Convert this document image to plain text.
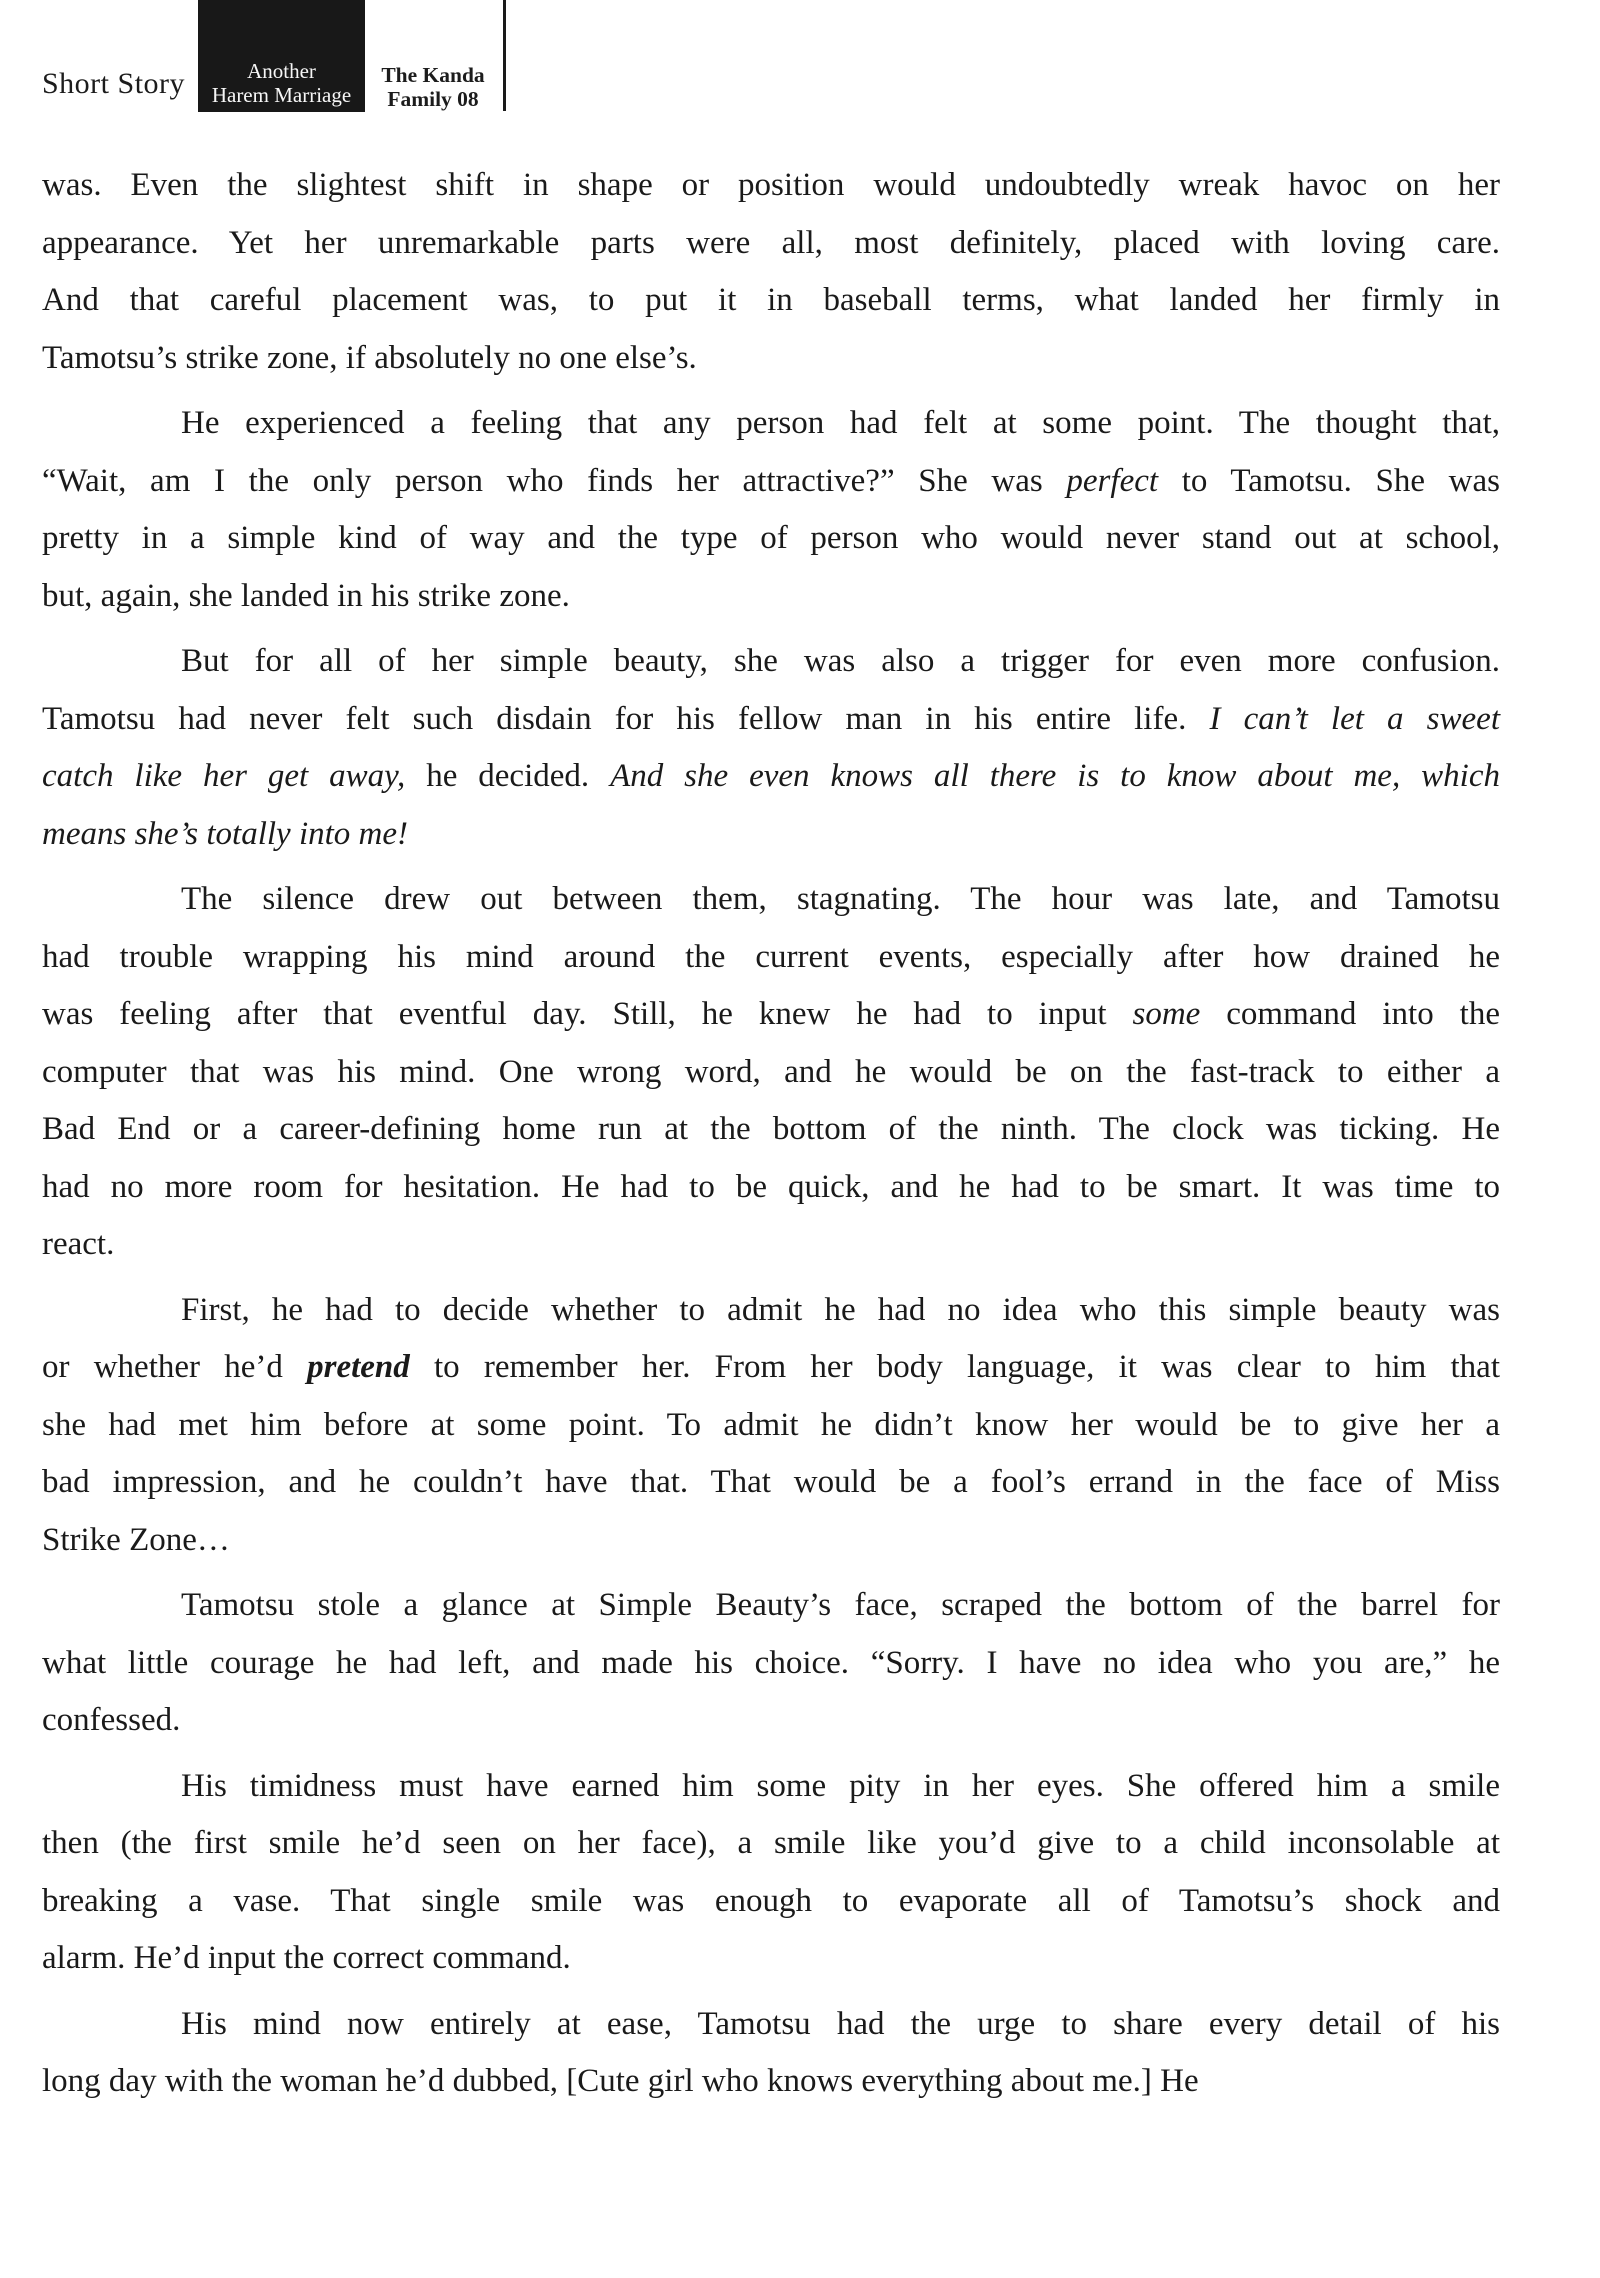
Short Story	Another
Harem Marriage
The Kanda
Family 08
was. Even the slightest shift in shape or position would undoubtedly wreak havoc on her
appearance. Yet her unremarkable parts were all, most definitely, placed with loving care.
And that careful placement was, to put it in baseball terms, what landed her firmly in
Tamotsu’s strike zone, if absolutely no one else’s.
He experienced a feeling that any person had felt at some point. The thought that,
“Wait, am I the only person who finds her attractive?” She was perfect to Tamotsu. She was
pretty in a simple kind of way and the type of person who would never stand out at school,
but, again, she landed in his strike zone.
But for all of her simple beauty, she was also a trigger for even more confusion.
Tamotsu had never felt such disdain for his fellow man in his entire life. I can’t let a sweet
catch like her get away, he decided. And she even knows all there is to know about me, which
means she’s totally into me!
The silence drew out between them, stagnating. The hour was late, and Tamotsu
had trouble wrapping his mind around the current events, especially after how drained he
was feeling after that eventful day. Still, he knew he had to input some command into the
computer that was his mind. One wrong word, and he would be on the fast-track to either a
Bad End or a career-defining home run at the bottom of the ninth. The clock was ticking. He
had no more room for hesitation. He had to be quick, and he had to be smart. It was time to
react.
First, he had to decide whether to admit he had no idea who this simple beauty was
or whether he’d pretend to remember her. From her body language, it was clear to him that
she had met him before at some point. To admit he didn’t know her would be to give her a
bad impression, and he couldn’t have that. That would be a fool’s errand in the face of Miss
Strike Zone…
Tamotsu stole a glance at Simple Beauty’s face, scraped the bottom of the barrel for
what little courage he had left, and made his choice. “Sorry. I have no idea who you are,” he
confessed.
His timidness must have earned him some pity in her eyes. She offered him a smile
then (the first smile he’d seen on her face), a smile like you’d give to a child inconsolable at
breaking a vase. That single smile was enough to evaporate all of Tamotsu’s shock and
alarm. He’d input the correct command.
His mind now entirely at ease, Tamotsu had the urge to share every detail of his
long day with the woman he’d dubbed, [Cute girl who knows everything about me.] He
